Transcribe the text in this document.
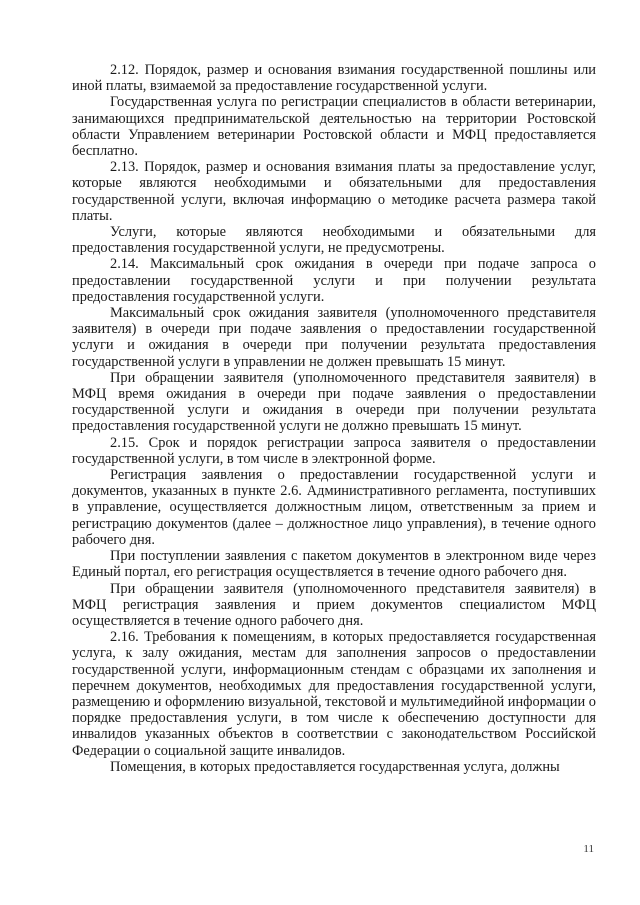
2.12. Порядок, размер и основания взимания государственной пошлины или иной платы, взимаемой за предоставление государственной услуги.

Государственная услуга по регистрации специалистов в области ветеринарии, занимающихся предпринимательской деятельностью на территории Ростовской области Управлением ветеринарии Ростовской области и МФЦ предоставляется бесплатно.

2.13. Порядок, размер и основания взимания платы за предоставление услуг, которые являются необходимыми и обязательными для предоставления государственной услуги, включая информацию о методике расчета размера такой платы.

Услуги, которые являются необходимыми и обязательными для предоставления государственной услуги, не предусмотрены.

2.14. Максимальный срок ожидания в очереди при подаче запроса о предоставлении государственной услуги и при получении результата предоставления государственной услуги.

Максимальный срок ожидания заявителя (уполномоченного представителя заявителя) в очереди при подаче заявления о предоставлении государственной услуги и ожидания в очереди при получении результата предоставления государственной услуги в управлении не должен превышать 15 минут.

При обращении заявителя (уполномоченного представителя заявителя) в МФЦ время ожидания в очереди при подаче заявления о предоставлении государственной услуги и ожидания в очереди при получении результата предоставления государственной услуги не должно превышать 15 минут.

2.15. Срок и порядок регистрации запроса заявителя о предоставлении государственной услуги, в том числе в электронной форме.

Регистрация заявления о предоставлении государственной услуги и документов, указанных в пункте 2.6. Административного регламента, поступивших в управление, осуществляется должностным лицом, ответственным за прием и регистрацию документов (далее – должностное лицо управления), в течение одного рабочего дня.

При поступлении заявления с пакетом документов в электронном виде через Единый портал, его регистрация осуществляется в течение одного рабочего дня.

При обращении заявителя (уполномоченного представителя заявителя) в МФЦ регистрация заявления и прием документов специалистом МФЦ осуществляется в течение одного рабочего дня.

2.16. Требования к помещениям, в которых предоставляется государственная услуга, к залу ожидания, местам для заполнения запросов о предоставлении государственной услуги, информационным стендам с образцами их заполнения и перечнем документов, необходимых для предоставления государственной услуги, размещению и оформлению визуальной, текстовой и мультимедийной информации о порядке предоставления услуги, в том числе к обеспечению доступности для инвалидов указанных объектов в соответствии с законодательством Российской Федерации о социальной защите инвалидов.

Помещения, в которых предоставляется государственная услуга, должны

11
